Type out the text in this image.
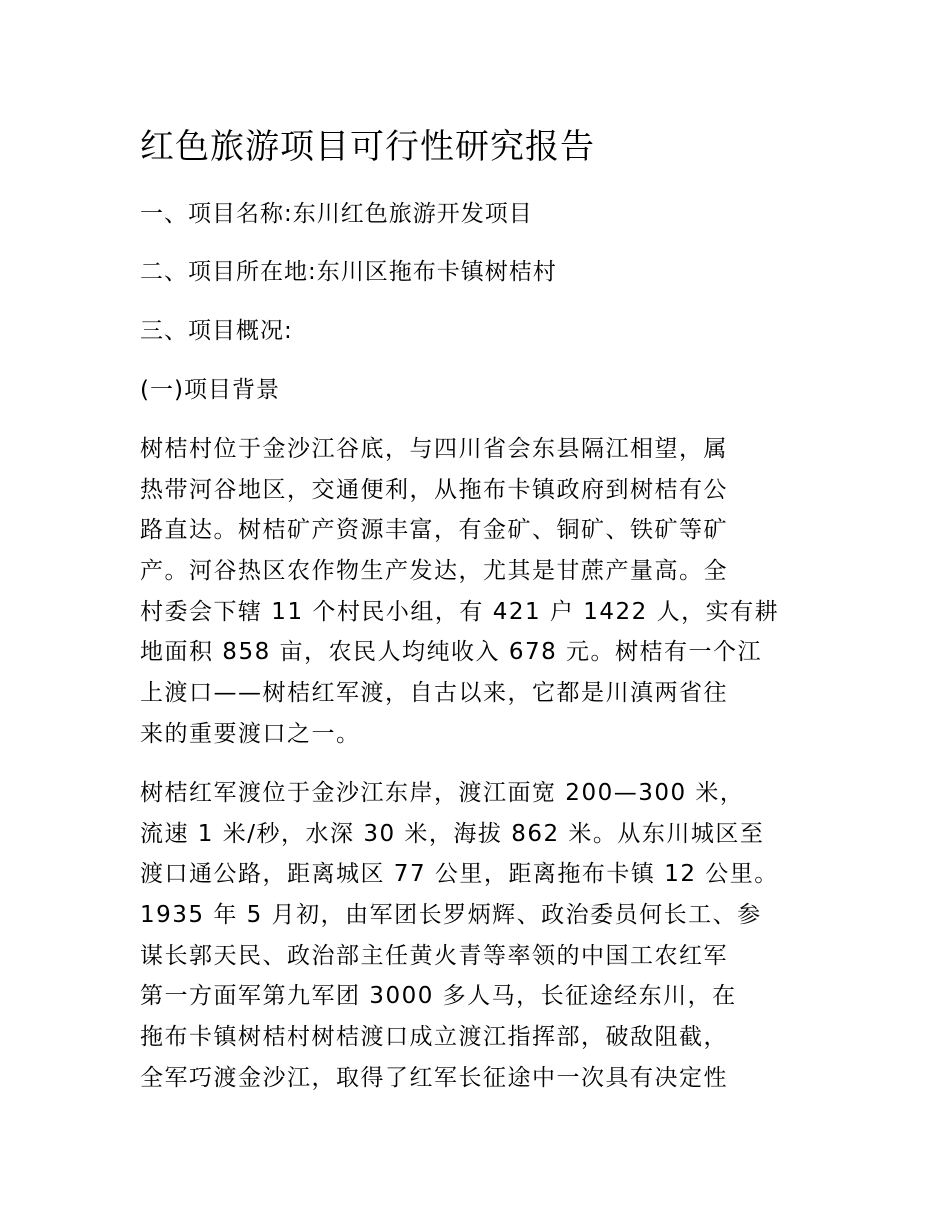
红色旅游项目可行性研究报告
一、项目名称:东川红色旅游开发项目
二、项目所在地:东川区拖布卡镇树桔村
三、项目概况:
(一)项目背景
树桔村位于金沙江谷底，与四川省会东县隔江相望，属
热带河谷地区，交通便利，从拖布卡镇政府到树桔有公
路直达。树桔矿产资源丰富，有金矿、铜矿、铁矿等矿
产。河谷热区农作物生产发达，尤其是甘蔗产量高。全
村委会下辖 11 个村民小组，有 421 户 1422 人，实有耕
地面积 858 亩，农民人均纯收入 678 元。树桔有一个江
上渡口——树桔红军渡，自古以来，它都是川滇两省往
来的重要渡口之一。
树桔红军渡位于金沙江东岸，渡江面宽 200—300 米，
流速 1 米/秒，水深 30 米，海拔 862 米。从东川城区至
渡口通公路，距离城区 77 公里，距离拖布卡镇 12 公里。
1935 年 5 月初，由军团长罗炳辉、政治委员何长工、参
谋长郭天民、政治部主任黄火青等率领的中国工农红军
第一方面军第九军团 3000 多人马，长征途经东川，在
拖布卡镇树桔村树桔渡口成立渡江指挥部，破敌阻截，
全军巧渡金沙江，取得了红军长征途中一次具有决定性
